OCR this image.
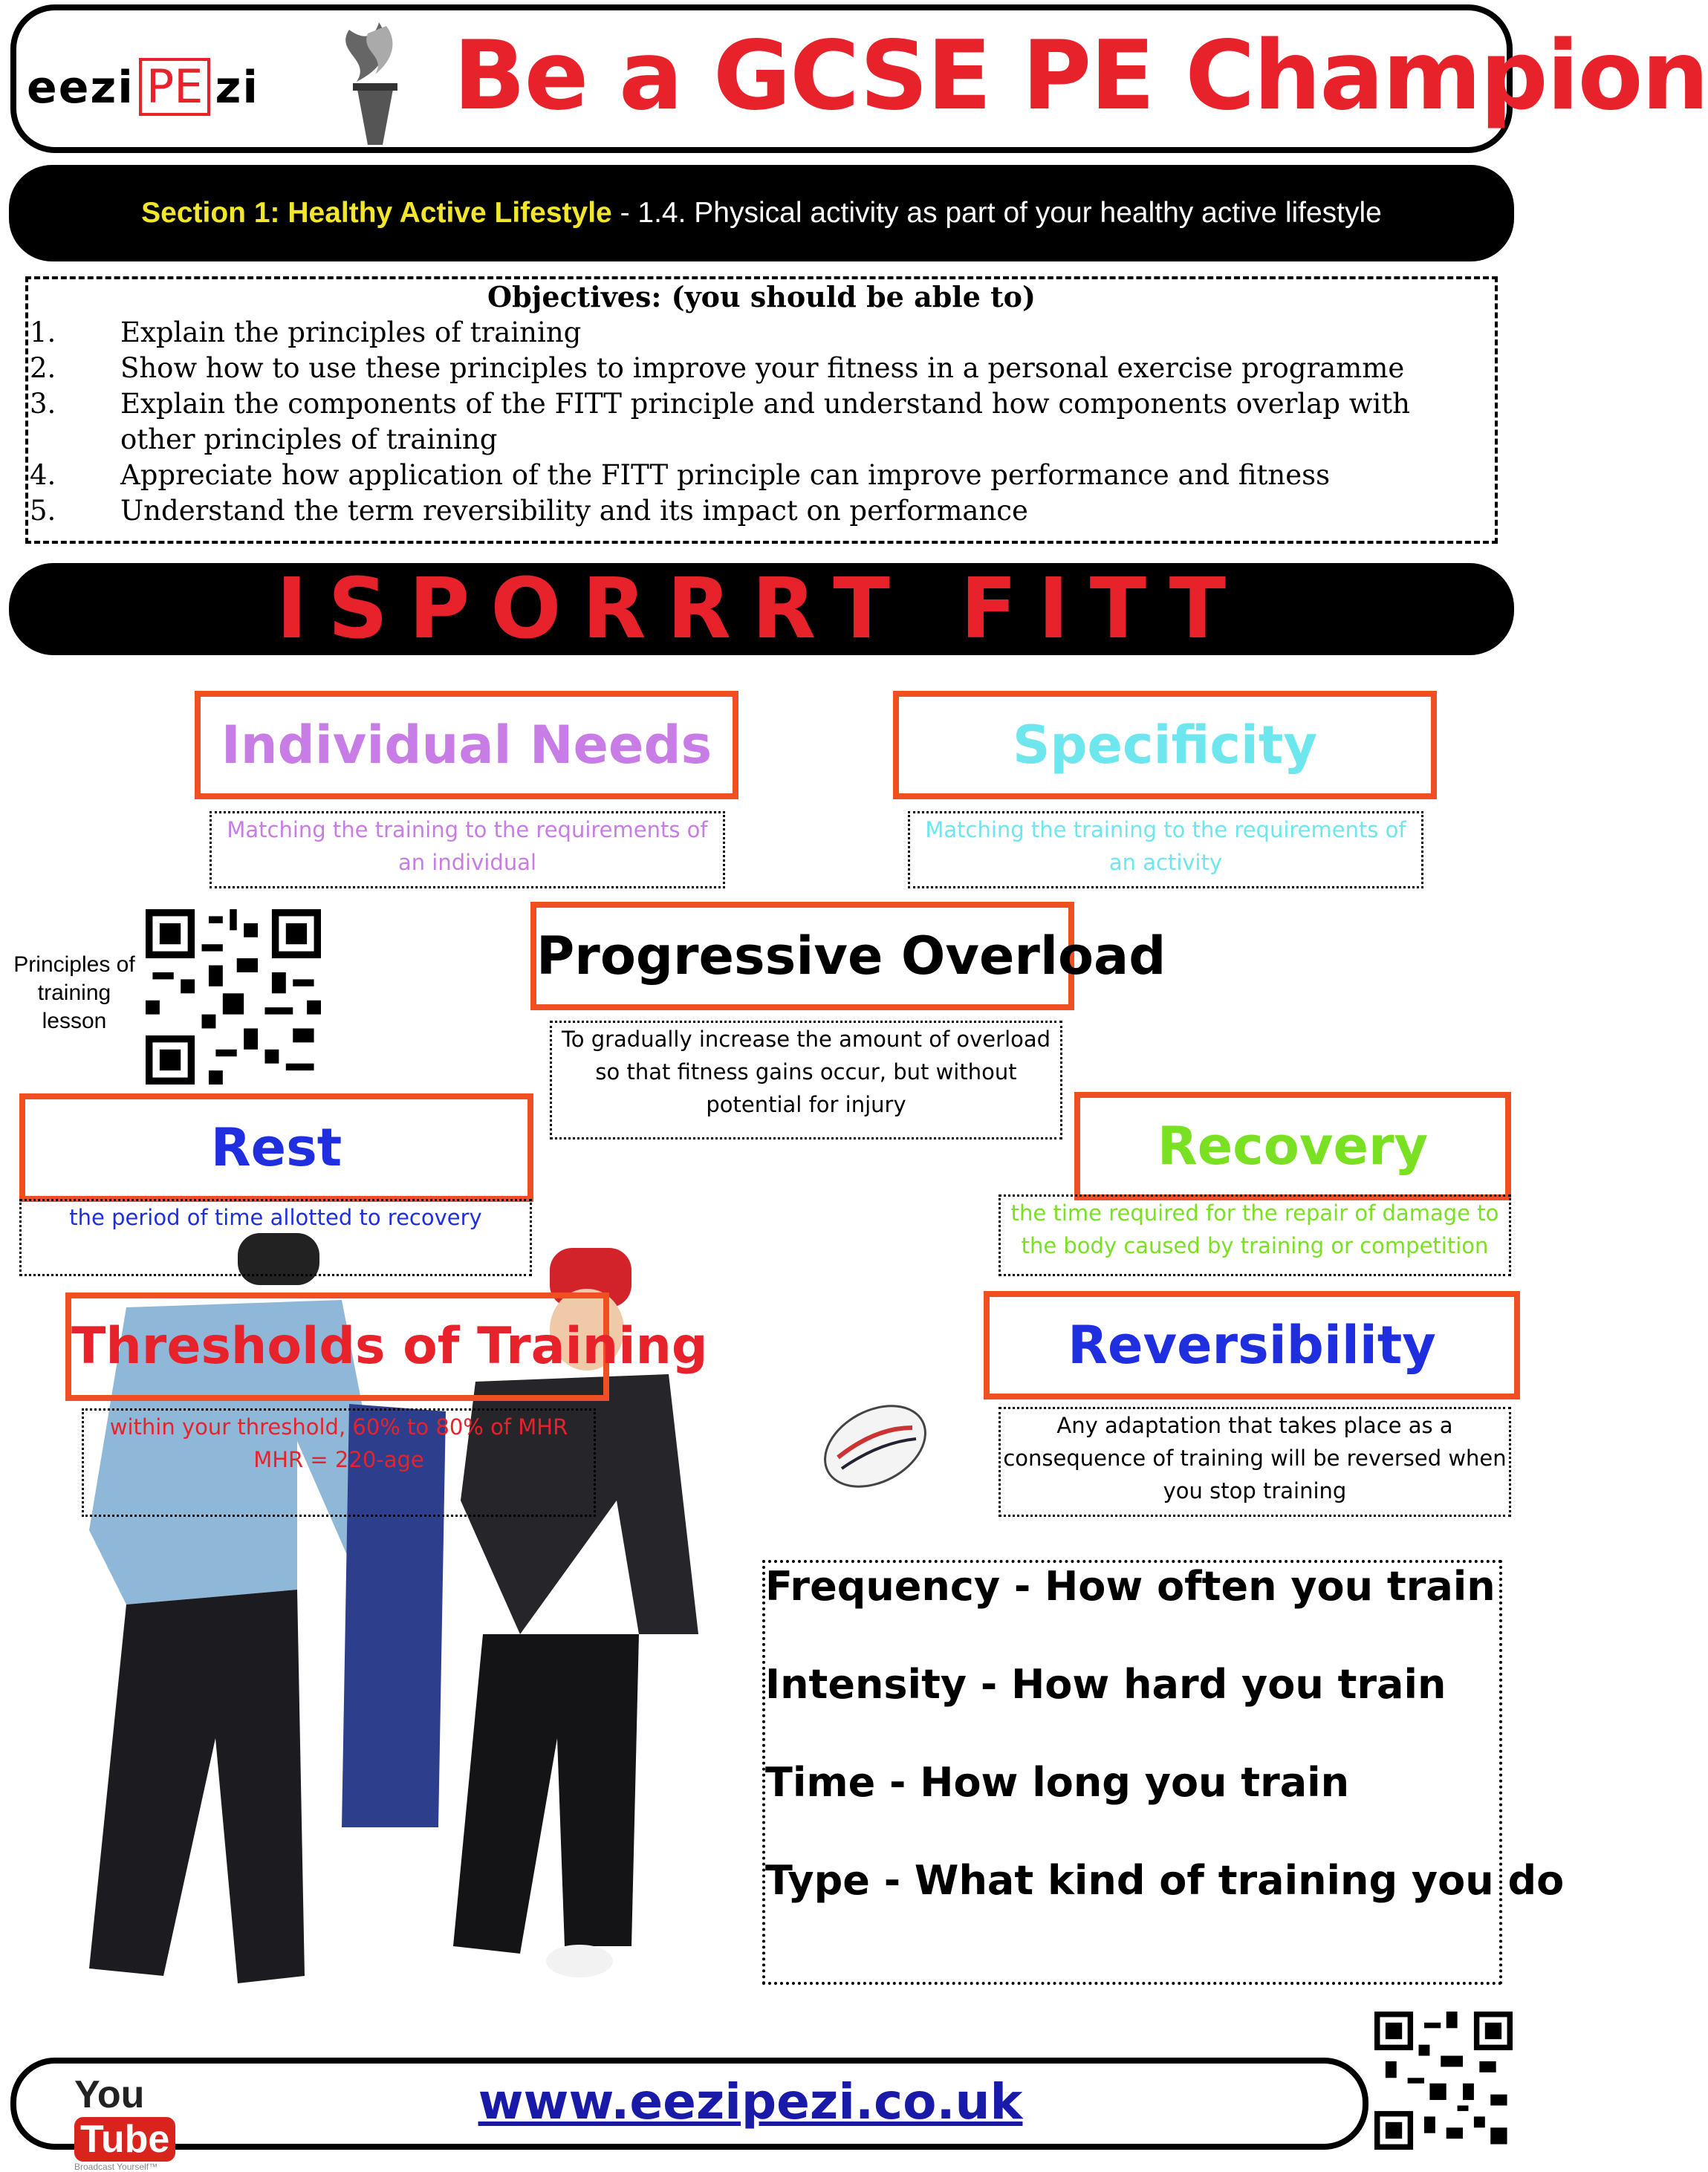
eezi PE zi	Be a GCSE PE Champion
Section 1: Healthy Active Lifestyle - 1.4. Physical activity as part of your healthy active lifestyle
Objectives: (you should be able to)
1.	Explain the principles of training
2.	Show how to use these principles to improve your fitness in a personal exercise programme
3.	Explain the components of the FITT principle and understand how components overlap with other principles of training
4.	Appreciate how application of the FITT principle can improve performance and fitness
5.	Understand the term reversibility and its impact on performance
ISPORRRT FITT
Individual Needs
Matching the training to the requirements of an individual
Specificity
Matching the training to the requirements of an activity
Principles of training lesson
Progressive Overload
To gradually increase the amount of overload so that fitness gains occur, but without potential for injury
Rest
the period of time allotted to recovery
Recovery
the time required for the repair of damage to the body caused by training or competition
Thresholds of Training
within your threshold, 60% to 80% of MHR
MHR = 220-age
Reversibility
Any adaptation that takes place as a consequence of training will be reversed when you stop training
Frequency - How often you train
Intensity - How hard you train
Time - How long you train
Type - What kind of training you do
YouTube
Broadcast Yourself™
www.eezipezi.co.uk
